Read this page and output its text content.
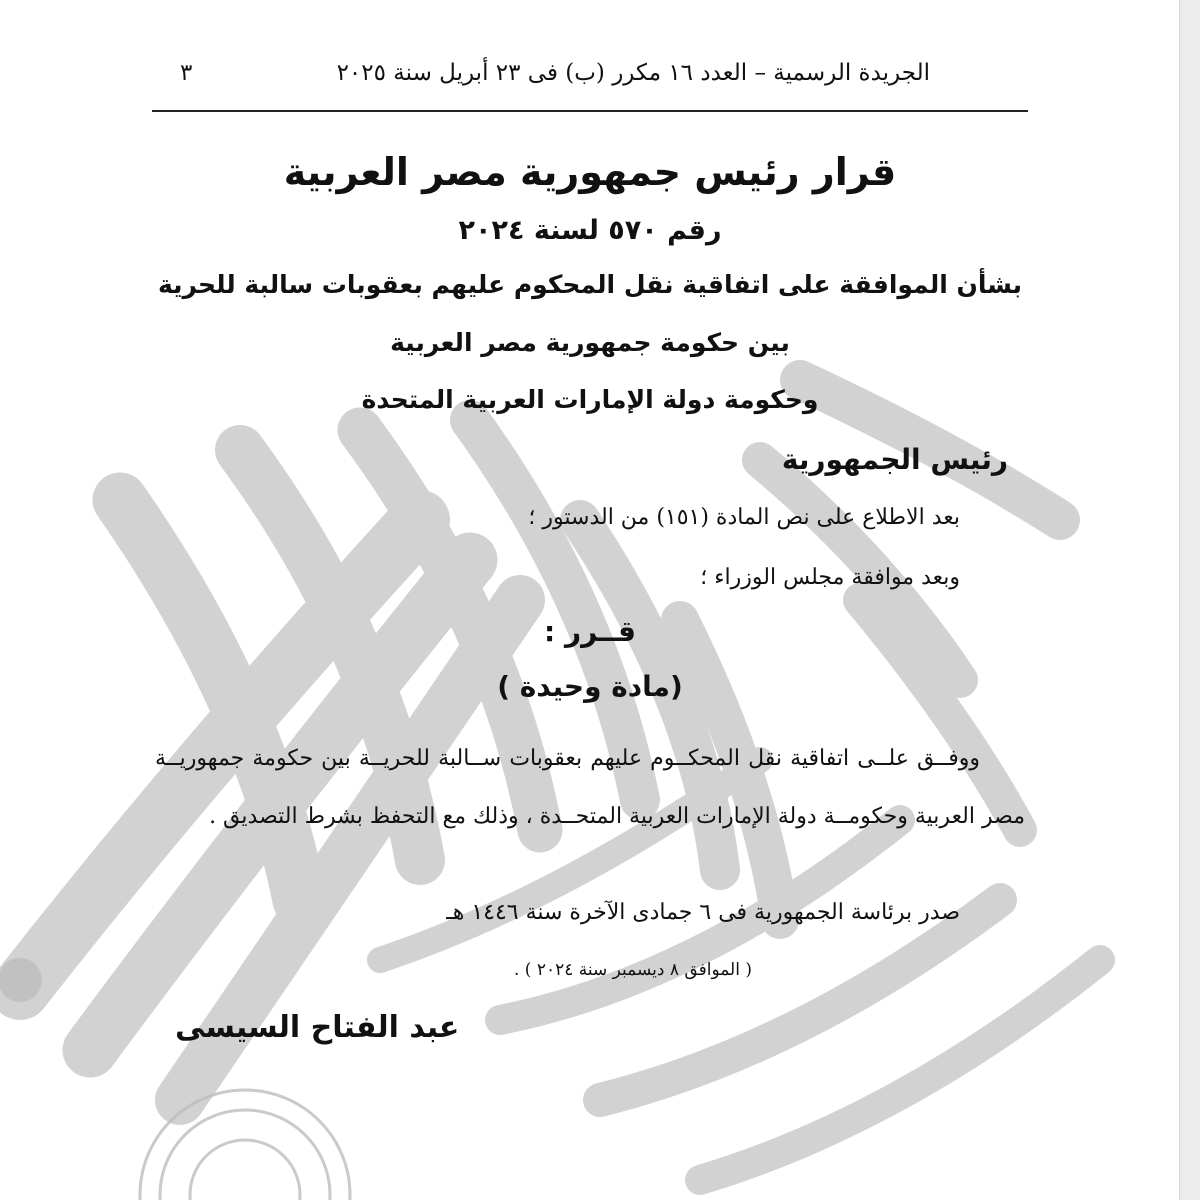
الجريدة الرسمية – العدد ١٦ مكرر (ب) فى ٢٣ أبريل سنة ٢٠٢٥
٣
قرار رئيس جمهورية مصر العربية
رقم ٥٧٠ لسنة ٢٠٢٤
بشأن الموافقة على اتفاقية نقل المحكوم عليهم بعقوبات سالبة للحرية
بين حكومة جمهورية مصر العربية
وحكومة دولة الإمارات العربية المتحدة
رئيس الجمهورية
بعد الاطلاع على نص المادة (١٥١) من الدستور ؛
وبعد موافقة مجلس الوزراء ؛
قــرر :
(مادة وحيدة )
ووفــق علــى اتفاقية نقل المحكــوم عليهم بعقوبات ســالبة للحريــة بين حكومة جمهوريــة مصر العربية وحكومــة دولة الإمارات العربية المتحــدة ، وذلك مع التحفظ بشرط التصديق .
صدر برئاسة الجمهورية فى ٦ جمادى الآخرة سنة ١٤٤٦ هـ
( الموافق ٨ ديسمبر سنة ٢٠٢٤ ) .
عبد الفتاح السيسى
